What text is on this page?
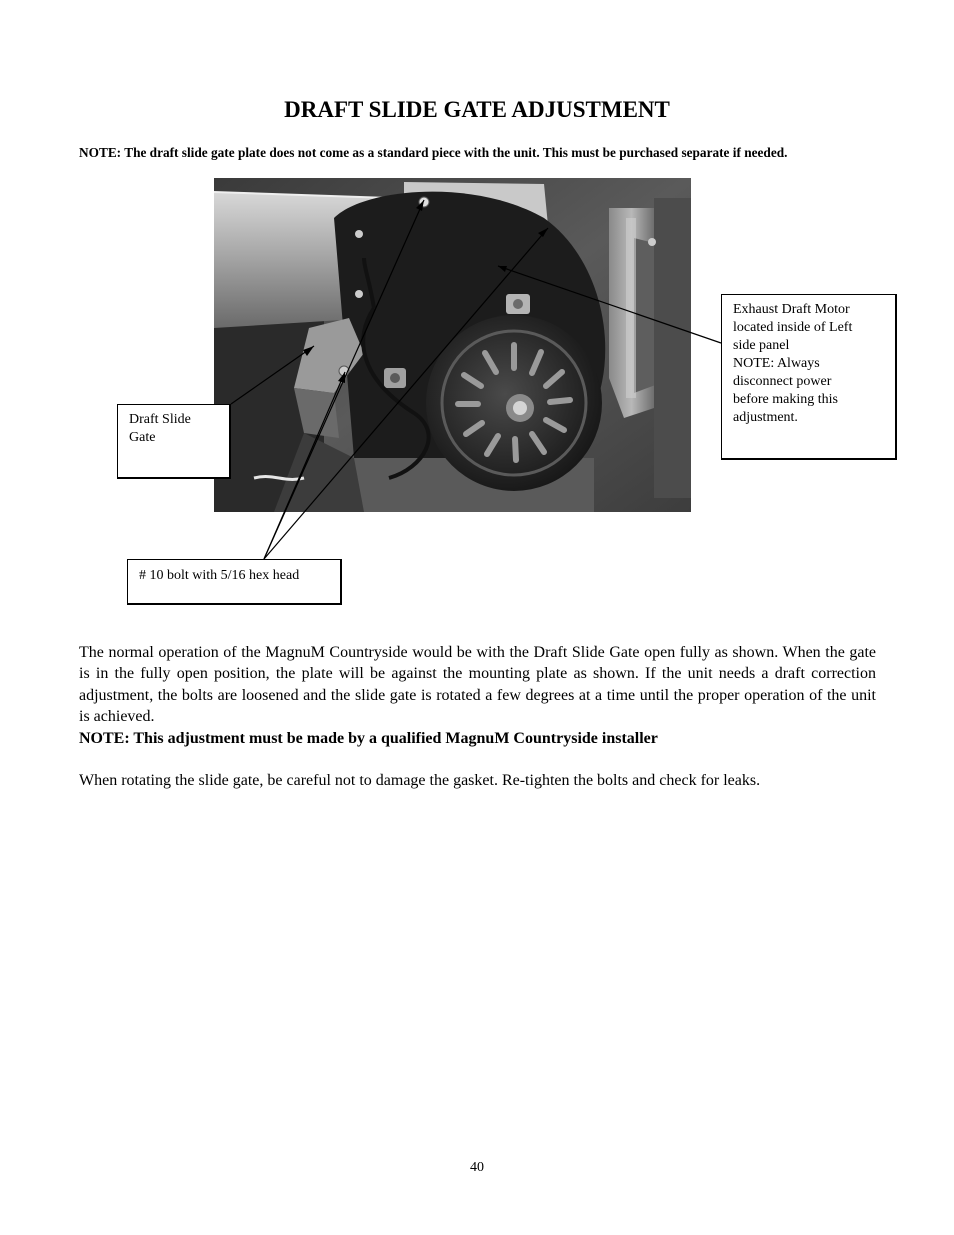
DRAFT SLIDE GATE ADJUSTMENT

NOTE: The draft slide gate plate does not come as a standard piece with the unit. This must be purchased separate if needed.

Draft Slide
Gate
# 10 bolt with 5/16 hex head
Exhaust Draft Motor
located inside of Left
side panel
NOTE: Always
disconnect power
before making this
adjustment.

The normal operation of the MagnuM Countryside would be with the Draft Slide Gate open fully as shown. When the gate is in the fully open position, the plate will be against the mounting plate as shown. If the unit needs a draft correction adjustment, the bolts are loosened and the slide gate is rotated a few degrees at a time until the proper operation of the unit is achieved.

NOTE: This adjustment must be made by a qualified MagnuM Countryside installer

When rotating the slide gate, be careful not to damage the gasket. Re-tighten the bolts and check for leaks.

40
